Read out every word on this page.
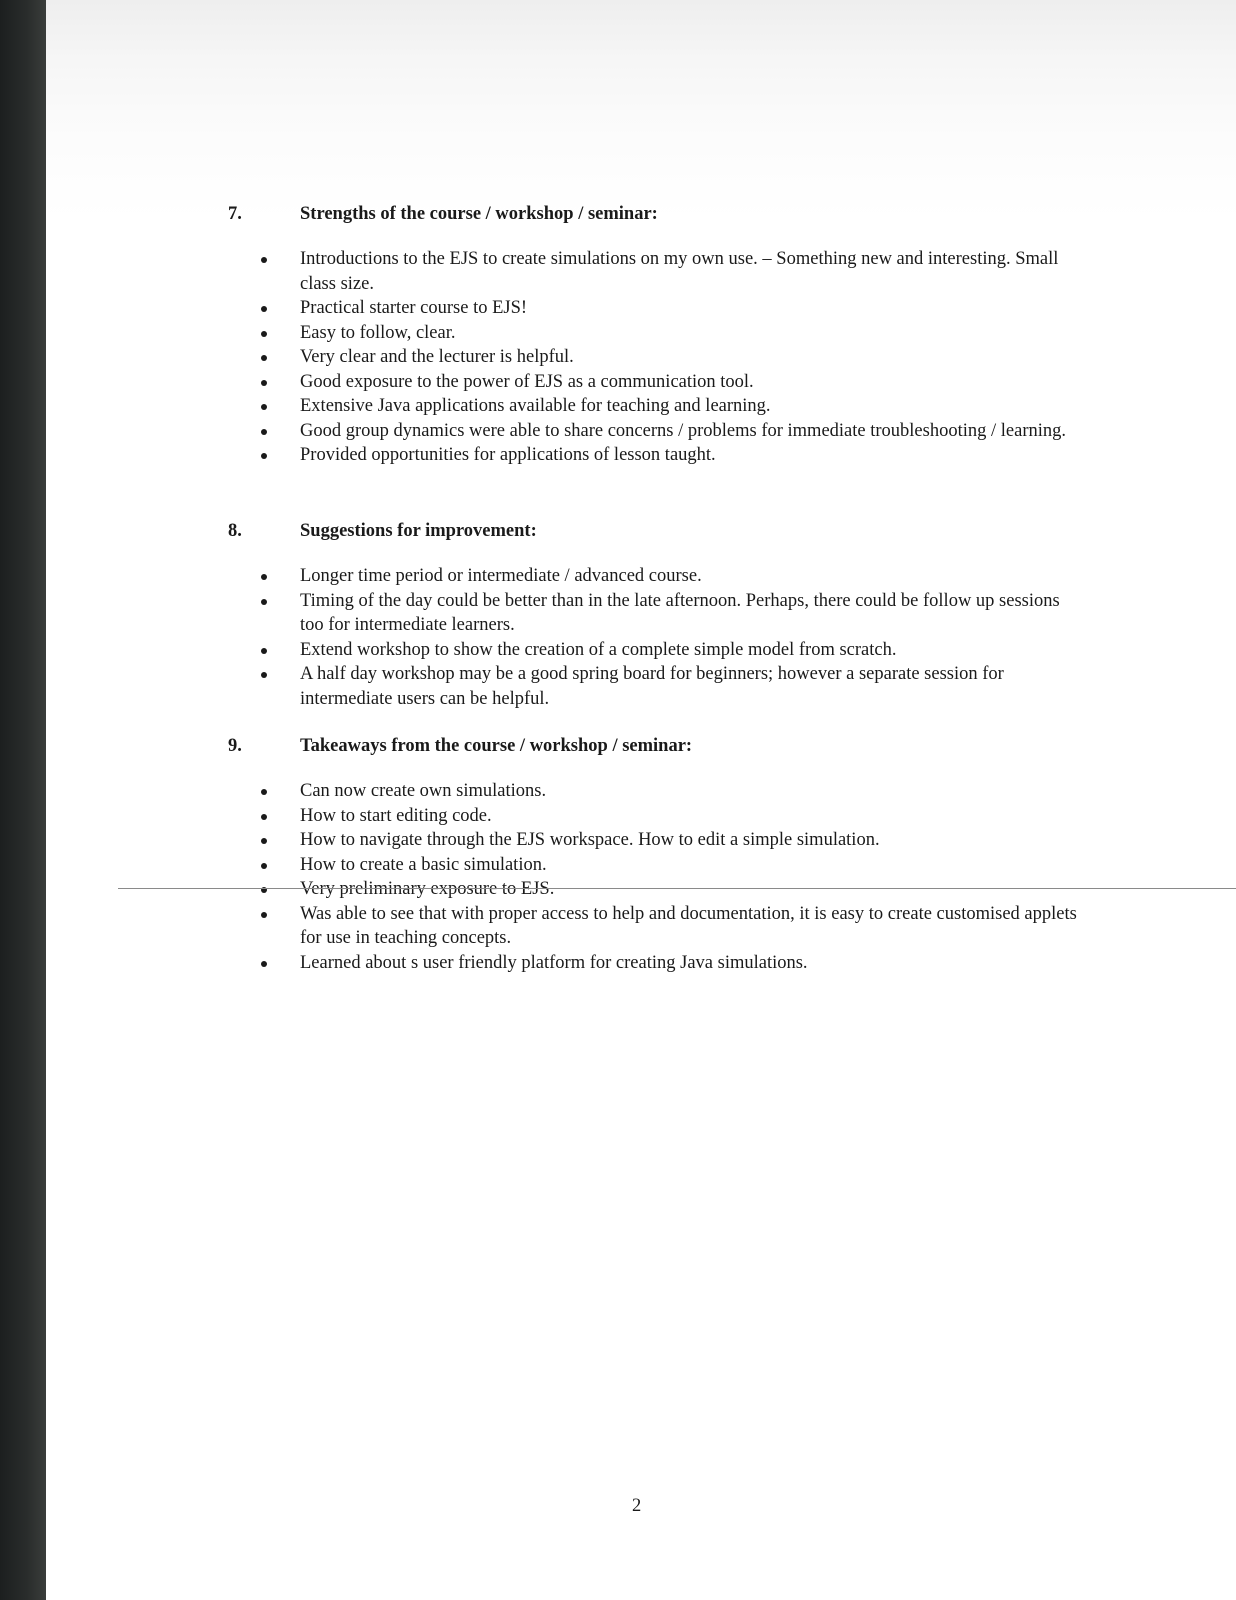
7.	Strengths of the course / workshop / seminar:
Introductions to the EJS to create simulations on my own use. – Something new and interesting. Small class size.
Practical starter course to EJS!
Easy to follow, clear.
Very clear and the lecturer is helpful.
Good exposure to the power of EJS as a communication tool.
Extensive Java applications available for teaching and learning.
Good group dynamics were able to share concerns / problems for immediate troubleshooting / learning.
Provided opportunities for applications of lesson taught.
8.	Suggestions for improvement:
Longer time period or intermediate / advanced course.
Timing of the day could be better than in the late afternoon. Perhaps, there could be follow up sessions too for intermediate learners.
Extend workshop to show the creation of a complete simple model from scratch.
A half day workshop may be a good spring board for beginners; however a separate session for intermediate users can be helpful.
9.	Takeaways from the course / workshop / seminar:
Can now create own simulations.
How to start editing code.
How to navigate through the EJS workspace. How to edit a simple simulation.
How to create a basic simulation.
Very preliminary exposure to EJS.
Was able to see that with proper access to help and documentation, it is easy to create customised applets for use in teaching concepts.
Learned about s user friendly platform for creating Java simulations.
2
